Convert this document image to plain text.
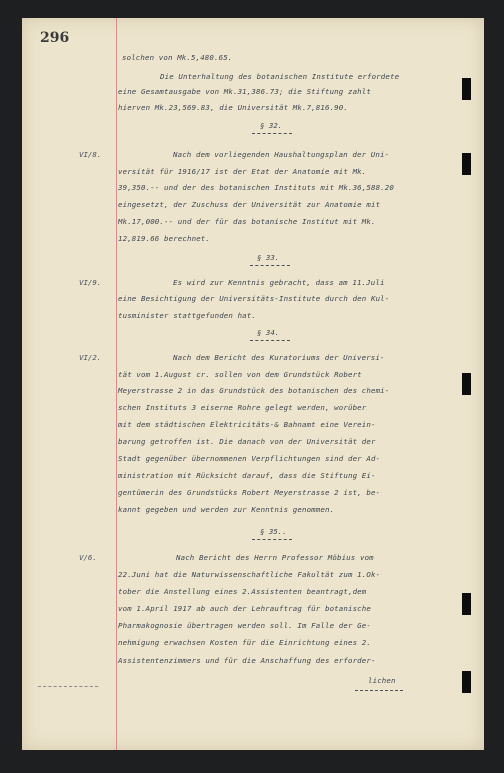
296
solchen von Mk.5,480.65.
Die Unterhaltung des botanischen Institute erfordete
eine Gesamtausgabe von Mk.31,386.73; die Stiftung zahlt
hierven Mk.23,569.83, die Universität Mk.7,816.90.
§ 32.
VI/8.	Nach dem vorliegenden Haushaltungsplan der Uni-
versität für 1916/17 ist der Etat der Anatomie mit Mk.
39,350.-- und der des botanischen Instituts mit Mk.36,588.20
eingesetzt, der Zuschuss der Universität zur Anatomie mit
Mk.17,000.-- und der für das botanische Institut mit Mk.
12,819.66 berechnet.
§ 33.
VI/9.	Es wird zur Kenntnis gebracht, dass am 11.Juli
eine Besichtigung der Universitäts-Institute durch den Kul-
tusminister stattgefunden hat.
§ 34.
VI/2.	Nach dem Bericht des Kuratoriums der Universi-
tät vom 1.August cr. sollen von dem Grundstück Robert
Meyerstrasse 2 in das Grundstück des botanischen des chemi-
schen Instituts 3 eiserne Rohre gelegt werden, worüber
mit dem städtischen Elektricitäts-& Bahnamt eine Verein-
barung getroffen ist. Die danach von der Universität der
Stadt gegenüber übernommenen Verpflichtungen sind der Ad-
ministration mit Rücksicht darauf, dass die Stiftung Ei-
gentümerin des Grundstücks Robert Meyerstrasse 2 ist, be-
kannt gegeben und werden zur Kenntnis genommen.
§ 35..
V/6.	Nach Bericht des Herrn Professor Möbius vom
22.Juni hat die Naturwissenschaftliche Fakultät zum 1.Ok-
tober die Anstellung eines 2.Assistenten beantragt,dem
vom 1.April 1917 ab auch der Lehrauftrag für botanische
Pharmakognosie übertragen werden soll. Im Falle der Ge-
nehmigung erwachsen Kosten für die Einrichtung eines 2.
Assistentenzimmers und für die Anschaffung des erforder-
lichen
